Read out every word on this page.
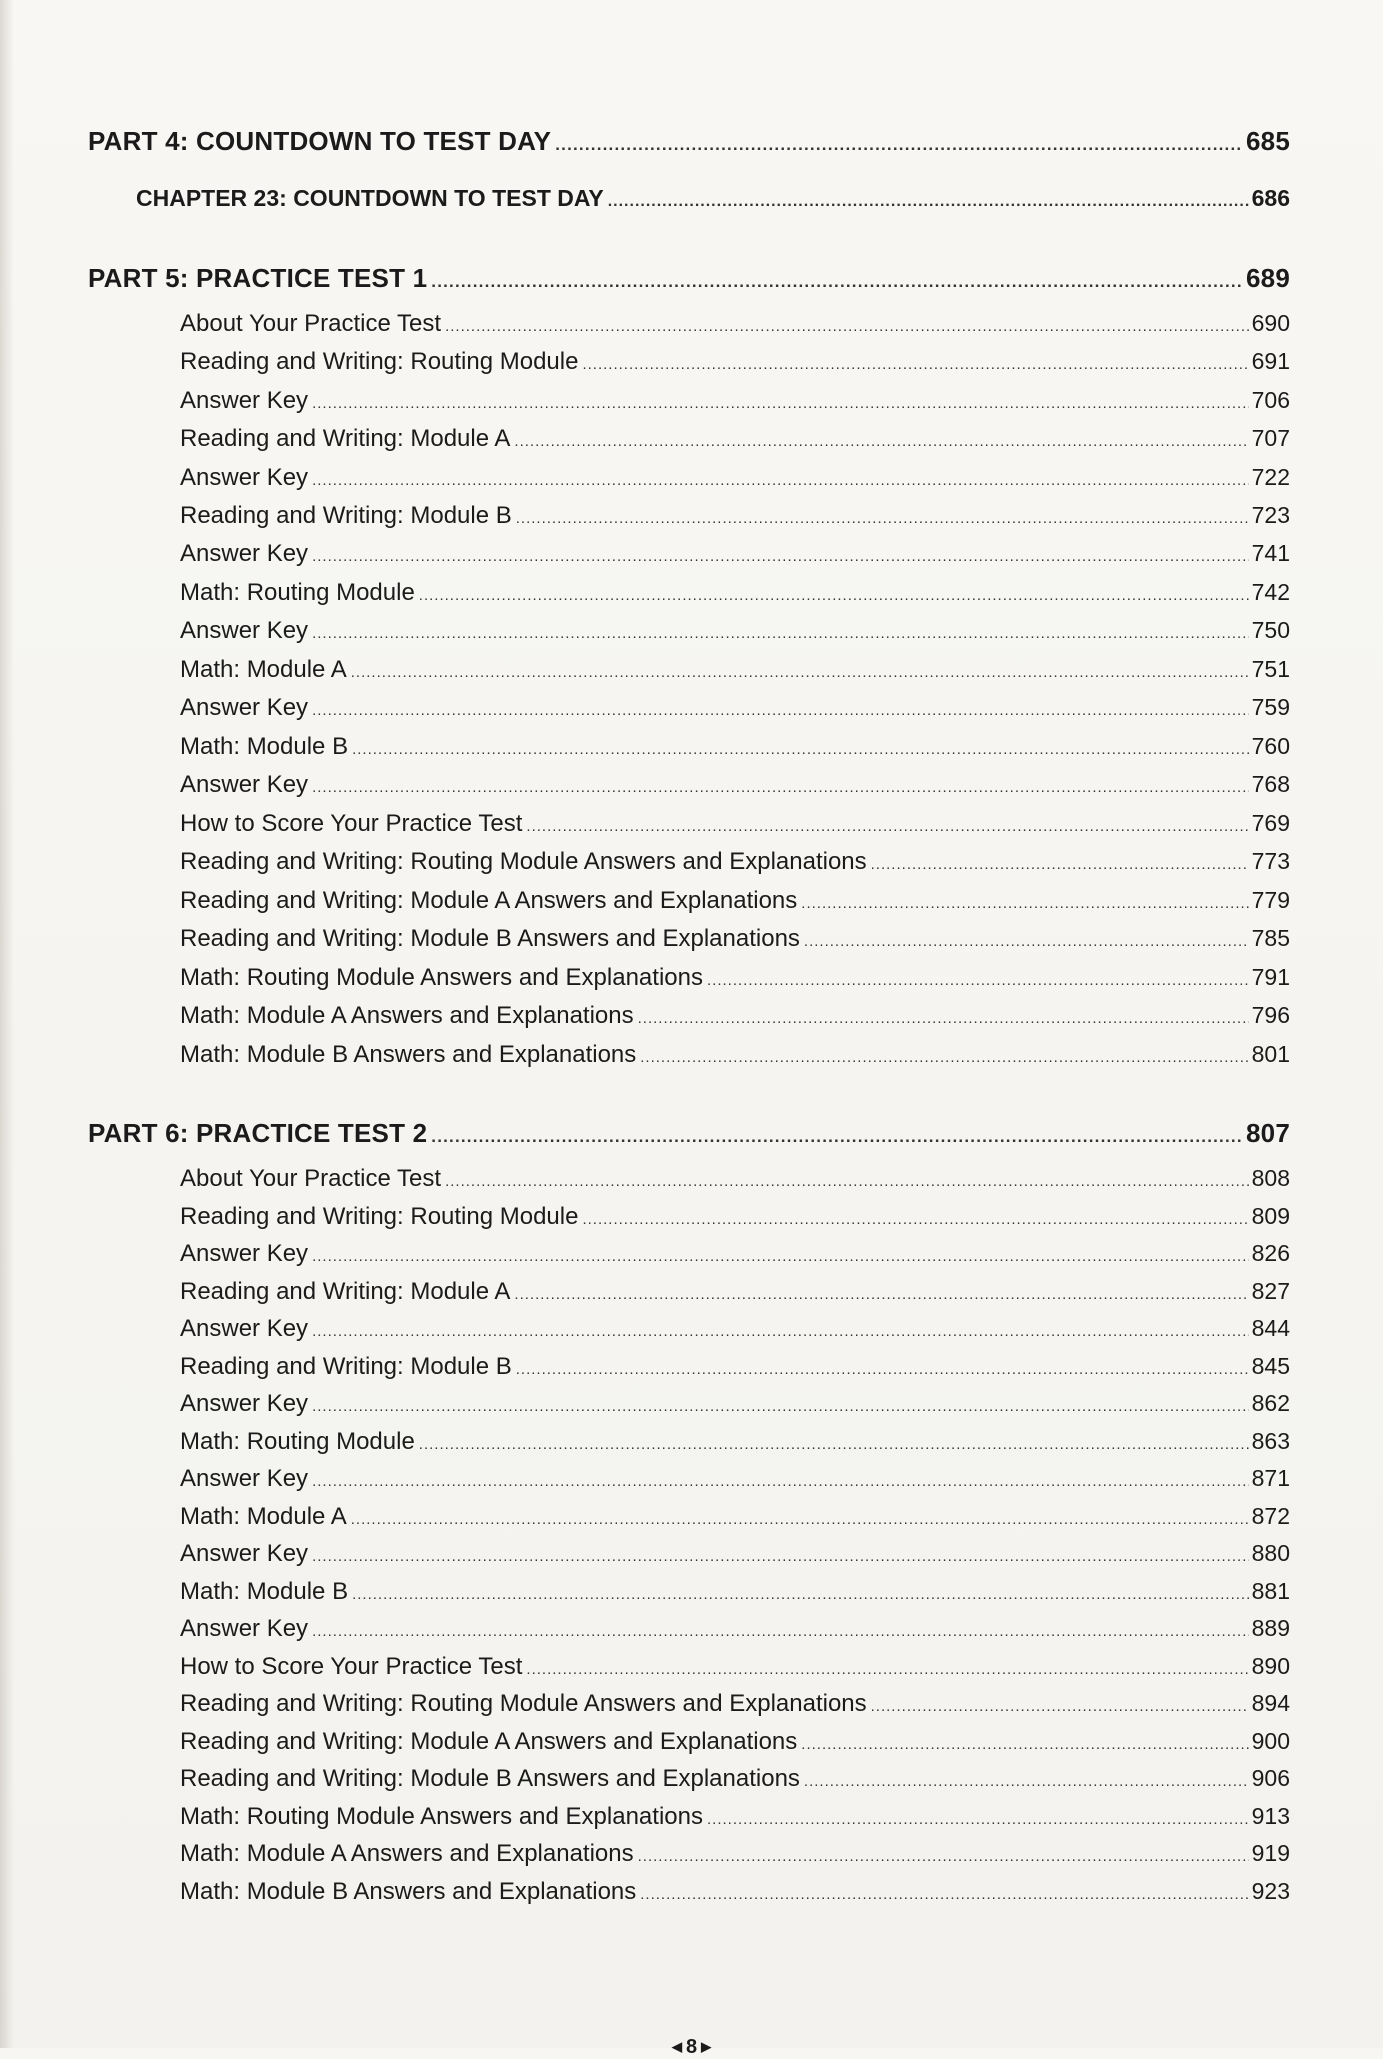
PART 4: COUNTDOWN TO TEST DAY .....	685
CHAPTER 23: COUNTDOWN TO TEST DAY .....	686
PART 5: PRACTICE TEST 1 .....	689
About Your Practice Test .....	690
Reading and Writing: Routing Module .....	691
Answer Key .....	706
Reading and Writing: Module A .....	707
Answer Key .....	722
Reading and Writing: Module B .....	723
Answer Key .....	741
Math: Routing Module .....	742
Answer Key .....	750
Math: Module A .....	751
Answer Key .....	759
Math: Module B .....	760
Answer Key .....	768
How to Score Your Practice Test .....	769
Reading and Writing: Routing Module Answers and Explanations .....	773
Reading and Writing: Module A Answers and Explanations .....	779
Reading and Writing: Module B Answers and Explanations .....	785
Math: Routing Module Answers and Explanations .....	791
Math: Module A Answers and Explanations .....	796
Math: Module B Answers and Explanations .....	801
PART 6: PRACTICE TEST 2 .....	807
About Your Practice Test .....	808
Reading and Writing: Routing Module .....	809
Answer Key .....	826
Reading and Writing: Module A .....	827
Answer Key .....	844
Reading and Writing: Module B .....	845
Answer Key .....	862
Math: Routing Module .....	863
Answer Key .....	871
Math: Module A .....	872
Answer Key .....	880
Math: Module B .....	881
Answer Key .....	889
How to Score Your Practice Test .....	890
Reading and Writing: Routing Module Answers and Explanations .....	894
Reading and Writing: Module A Answers and Explanations .....	900
Reading and Writing: Module B Answers and Explanations .....	906
Math: Routing Module Answers and Explanations .....	913
Math: Module A Answers and Explanations .....	919
Math: Module B Answers and Explanations .....	923
◀ 8 ▶
